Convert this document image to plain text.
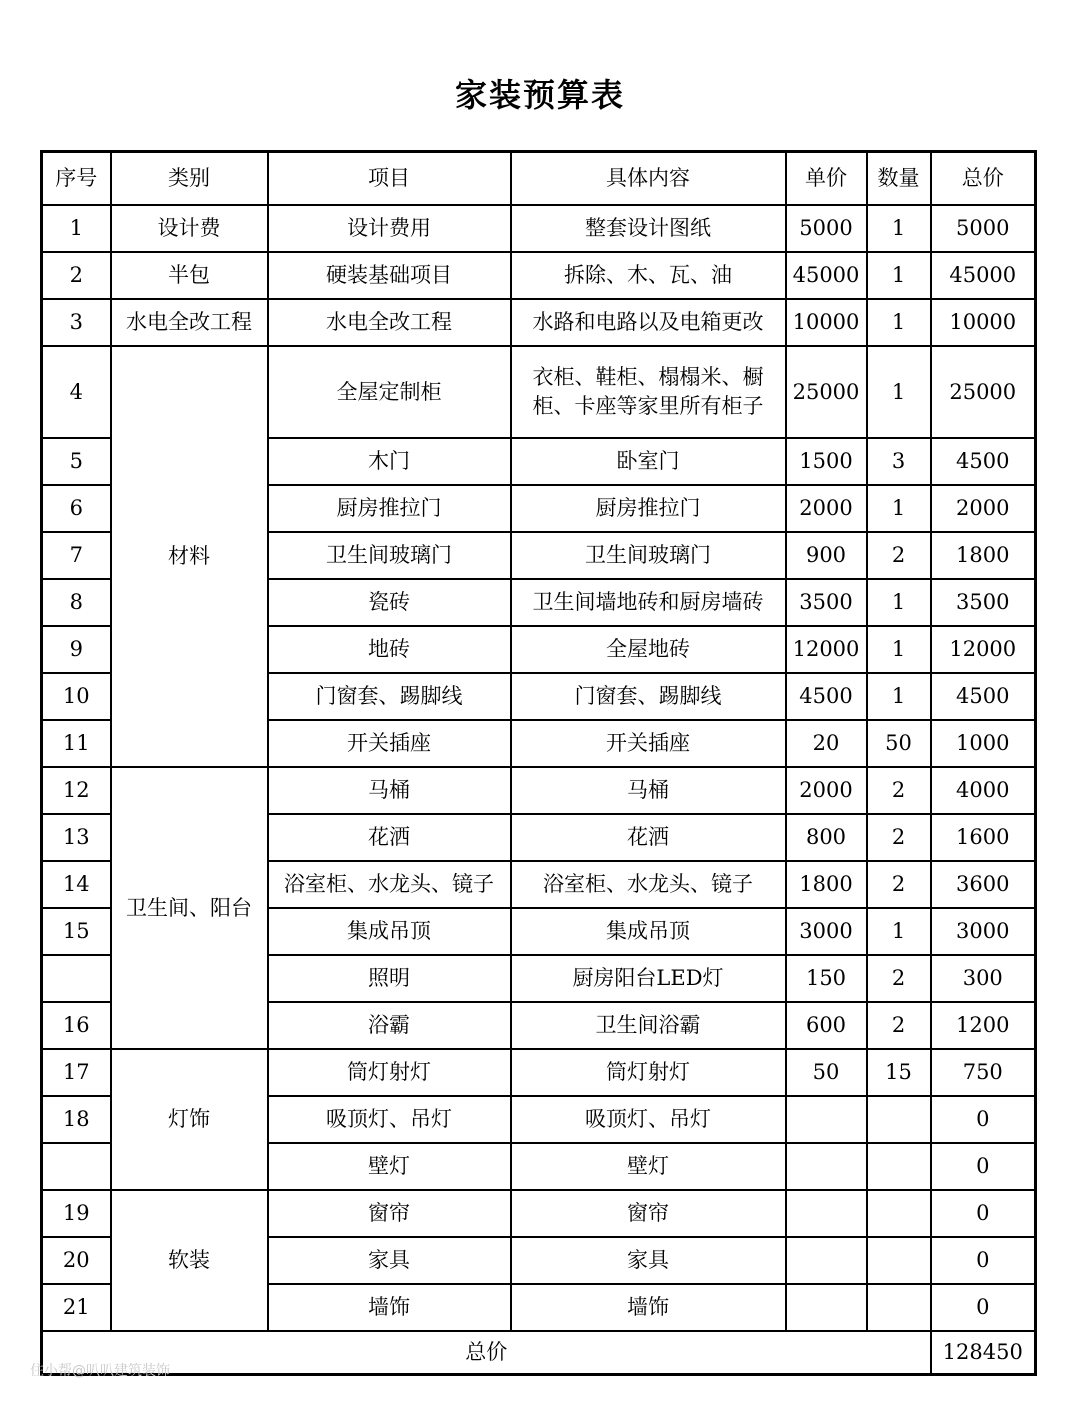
家装预算表
序号	类别	项目	具体内容	单价	数量	总价
1	设计费	设计费用	整套设计图纸	5000	1	5000
2	半包	硬装基础项目	拆除、木、瓦、油	45000	1	45000
3	水电全改工程	水电全改工程	水路和电路以及电箱更改	10000	1	10000
4	材料	全屋定制柜	衣柜、鞋柜、榻榻米、橱柜、卡座等家里所有柜子	25000	1	25000
5		木门	卧室门	1500	3	4500
6		厨房推拉门	厨房推拉门	2000	1	2000
7		卫生间玻璃门	卫生间玻璃门	900	2	1800
8		瓷砖	卫生间墙地砖和厨房墙砖	3500	1	3500
9		地砖	全屋地砖	12000	1	12000
10		门窗套、踢脚线	门窗套、踢脚线	4500	1	4500
11		开关插座	开关插座	20	50	1000
12	卫生间、阳台	马桶	马桶	2000	2	4000
13		花洒	花洒	800	2	1600
14		浴室柜、水龙头、镜子	浴室柜、水龙头、镜子	1800	2	3600
15		集成吊顶	集成吊顶	3000	1	3000
		照明	厨房阳台LED灯	150	2	300
16		浴霸	卫生间浴霸	600	2	1200
17	灯饰	筒灯射灯	筒灯射灯	50	15	750
18		吸顶灯、吊灯	吸顶灯、吊灯			0
		壁灯	壁灯			0
19	软装	窗帘	窗帘			0
20		家具	家具			0
21		墙饰	墙饰			0
总价						128450
住小帮@叭叭建筑装饰
